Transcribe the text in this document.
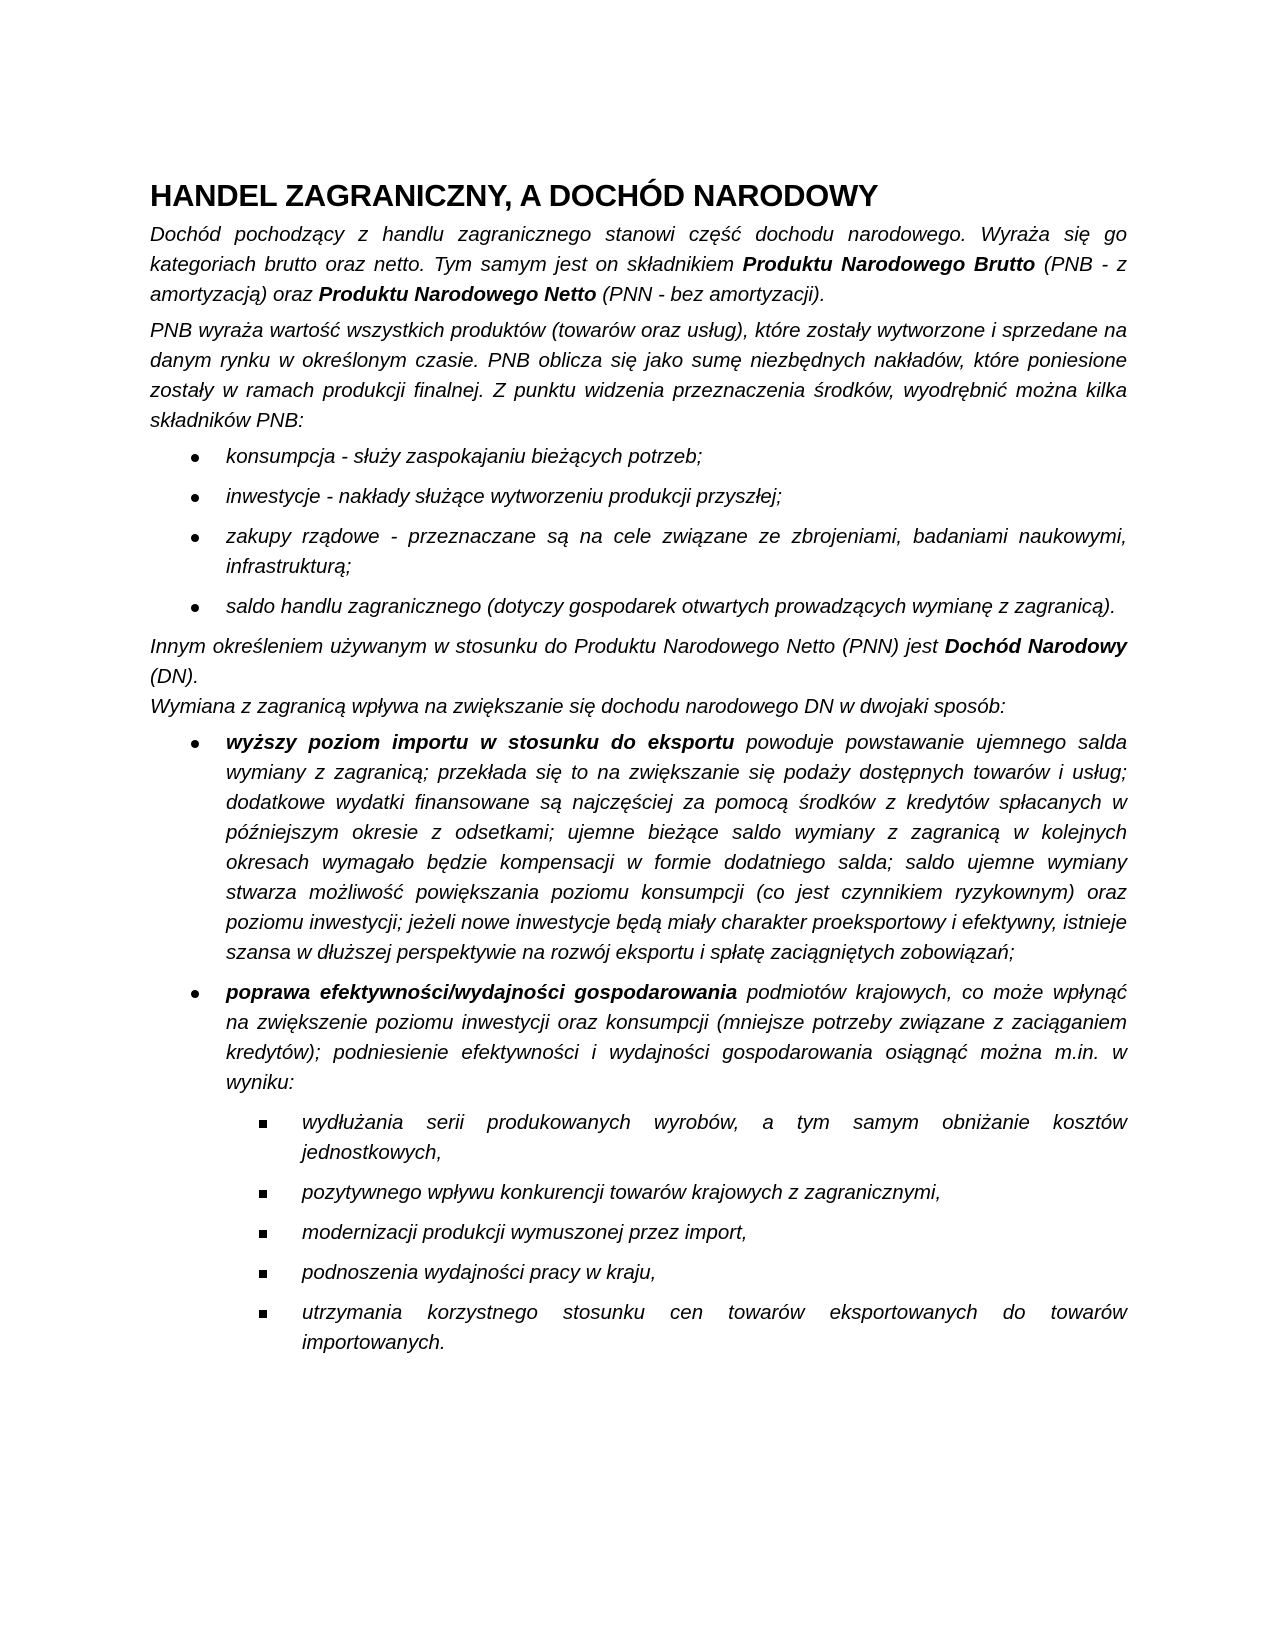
HANDEL ZAGRANICZNY, A DOCHÓD NARODOWY

Dochód pochodzący z handlu zagranicznego stanowi część dochodu narodowego. Wyraża się go kategoriach brutto oraz netto. Tym samym jest on składnikiem Produktu Narodowego Brutto (PNB - z amortyzacją) oraz Produktu Narodowego Netto (PNN - bez amortyzacji).

PNB wyraża wartość wszystkich produktów (towarów oraz usług), które zostały wytworzone i sprzedane na danym rynku w określonym czasie. PNB oblicza się jako sumę niezbędnych nakładów, które poniesione zostały w ramach produkcji finalnej. Z punktu widzenia przeznaczenia środków, wyodrębnić można kilka składników PNB:

konsumpcja - służy zaspokajaniu bieżących potrzeb;
inwestycje - nakłady służące wytworzeniu produkcji przyszłej;
zakupy rządowe - przeznaczane są na cele związane ze zbrojeniami, badaniami naukowymi, infrastrukturą;
saldo handlu zagranicznego (dotyczy gospodarek otwartych prowadzących wymianę z zagranicą).

Innym określeniem używanym w stosunku do Produktu Narodowego Netto (PNN) jest Dochód Narodowy (DN).

Wymiana z zagranicą wpływa na zwiększanie się dochodu narodowego DN w dwojaki sposób:

wyższy poziom importu w stosunku do eksportu powoduje powstawanie ujemnego salda wymiany z zagranicą; przekłada się to na zwiększanie się podaży dostępnych towarów i usług; dodatkowe wydatki finansowane są najczęściej za pomocą środków z kredytów spłacanych w późniejszym okresie z odsetkami; ujemne bieżące saldo wymiany z zagranicą w kolejnych okresach wymagało będzie kompensacji w formie dodatniego salda; saldo ujemne wymiany stwarza możliwość powiększania poziomu konsumpcji (co jest czynnikiem ryzykownym) oraz poziomu inwestycji; jeżeli nowe inwestycje będą miały charakter proeksportowy i efektywny, istnieje szansa w dłuższej perspektywie na rozwój eksportu i spłatę zaciągniętych zobowiązań;
poprawa efektywności/wydajności gospodarowania podmiotów krajowych, co może wpłynąć na zwiększenie poziomu inwestycji oraz konsumpcji (mniejsze potrzeby związane z zaciąganiem kredytów); podniesienie efektywności i wydajności gospodarowania osiągnąć można m.in. w wyniku:
wydłużania serii produkowanych wyrobów, a tym samym obniżanie kosztów jednostkowych,
pozytywnego wpływu konkurencji towarów krajowych z zagranicznymi,
modernizacji produkcji wymuszonej przez import,
podnoszenia wydajności pracy w kraju,
utrzymania korzystnego stosunku cen towarów eksportowanych do towarów importowanych.
